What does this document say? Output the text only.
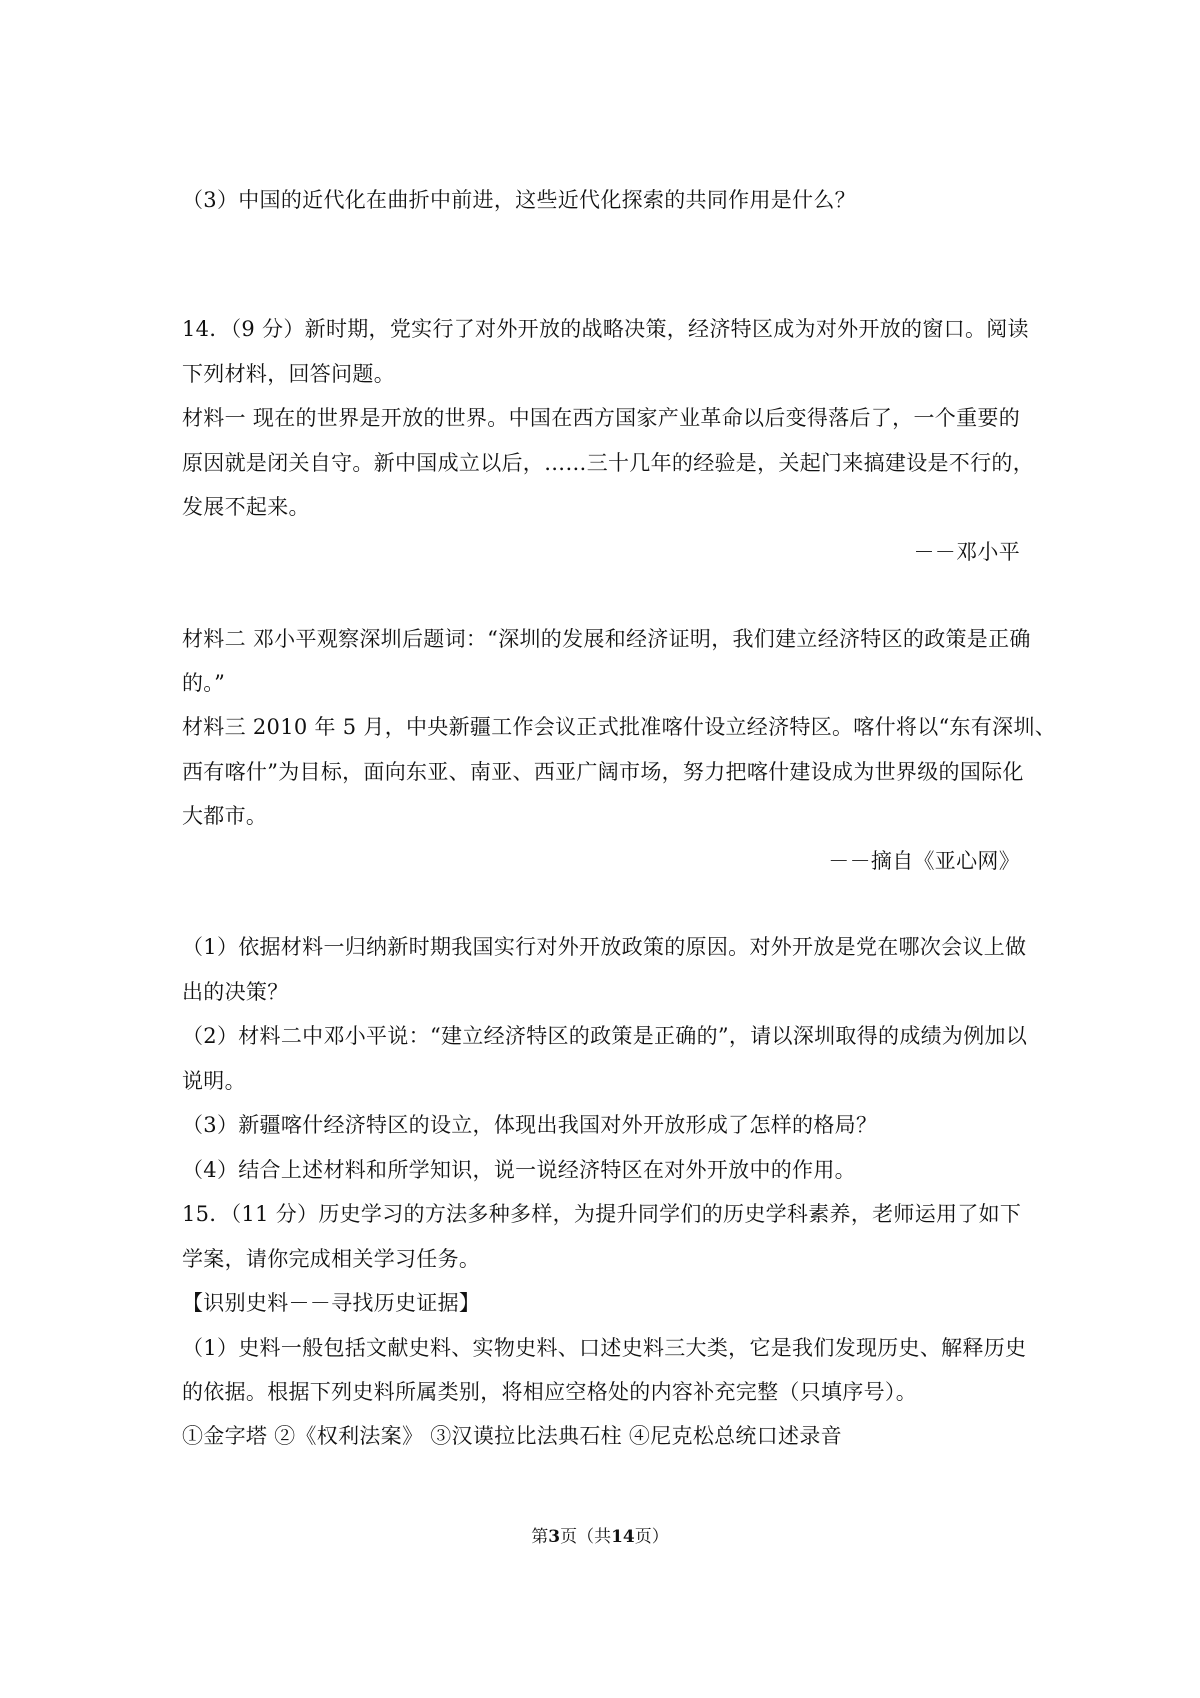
（3）中国的近代化在曲折中前进，这些近代化探索的共同作用是什么？
14．（9 分）新时期，党实行了对外开放的战略决策，经济特区成为对外开放的窗口。阅读
下列材料，回答问题。
材料一 现在的世界是开放的世界。中国在西方国家产业革命以后变得落后了，一个重要的
原因就是闭关自守。新中国成立以后，……三十几年的经验是，关起门来搞建设是不行的，
发展不起来。
－－邓小平
材料二 邓小平观察深圳后题词：“深圳的发展和经济证明，我们建立经济特区的政策是正确
的。”
材料三 2010 年 5 月，中央新疆工作会议正式批准喀什设立经济特区。喀什将以“东有深圳、
西有喀什”为目标，面向东亚、南亚、西亚广阔市场，努力把喀什建设成为世界级的国际化
大都市。
－－摘自《亚心网》
（1）依据材料一归纳新时期我国实行对外开放政策的原因。对外开放是党在哪次会议上做
出的决策？
（2）材料二中邓小平说：“建立经济特区的政策是正确的”，请以深圳取得的成绩为例加以
说明。
（3）新疆喀什经济特区的设立，体现出我国对外开放形成了怎样的格局？
（4）结合上述材料和所学知识，说一说经济特区在对外开放中的作用。
15．（11 分）历史学习的方法多种多样，为提升同学们的历史学科素养，老师运用了如下
学案，请你完成相关学习任务。
【识别史料－－寻找历史证据】
（1）史料一般包括文献史料、实物史料、口述史料三大类，它是我们发现历史、解释历史
的依据。根据下列史料所属类别，将相应空格处的内容补充完整（只填序号）。
①金字塔 ②《权利法案》 ③汉谟拉比法典石柱 ④尼克松总统口述录音
第3页（共14页）
